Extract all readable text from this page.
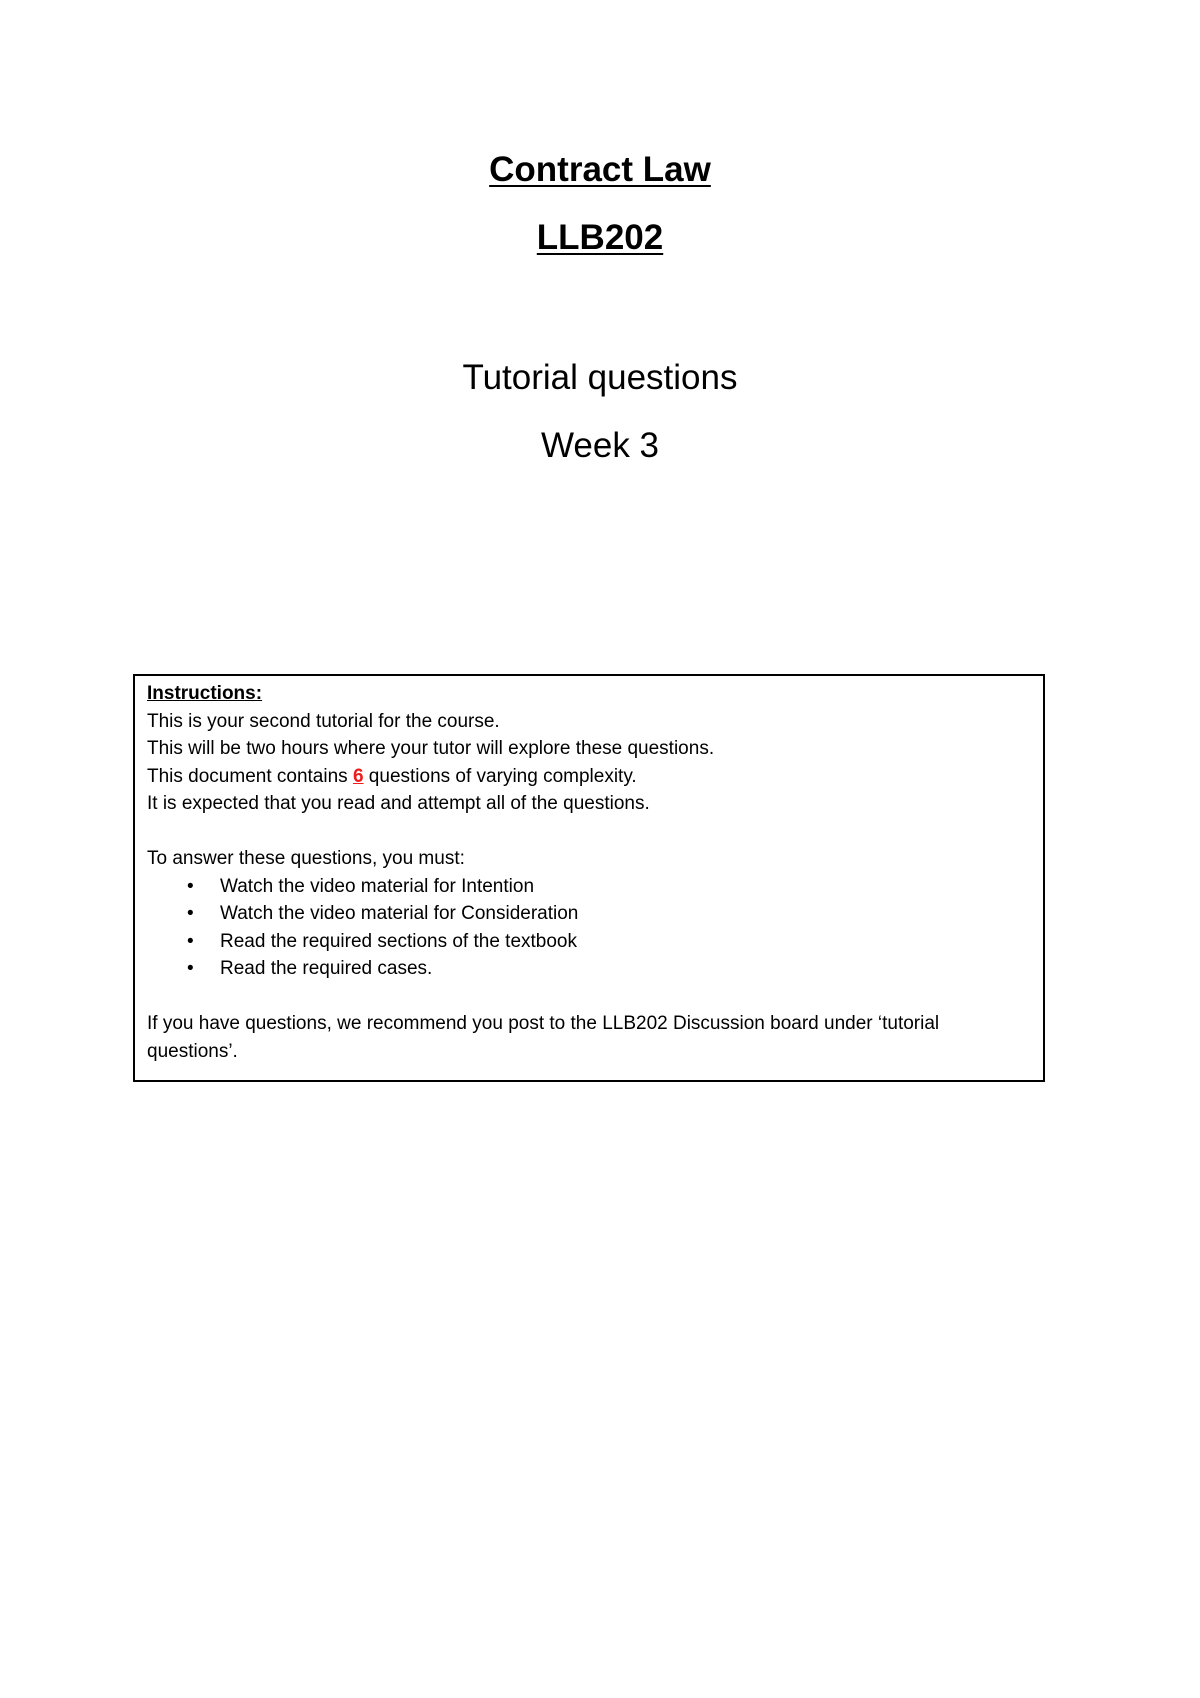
Contract Law
LLB202

Tutorial questions

Week 3

Instructions:

This is your second tutorial for the course.

This will be two hours where your tutor will explore these questions.

This document contains 6 questions of varying complexity.

It is expected that you read and attempt all of the questions.

To answer these questions, you must:

• Watch the video material for Intention
• Watch the video material for Consideration
• Read the required sections of the textbook
• Read the required cases.

If you have questions, we recommend you post to the LLB202 Discussion board under ‘tutorial questions’.
